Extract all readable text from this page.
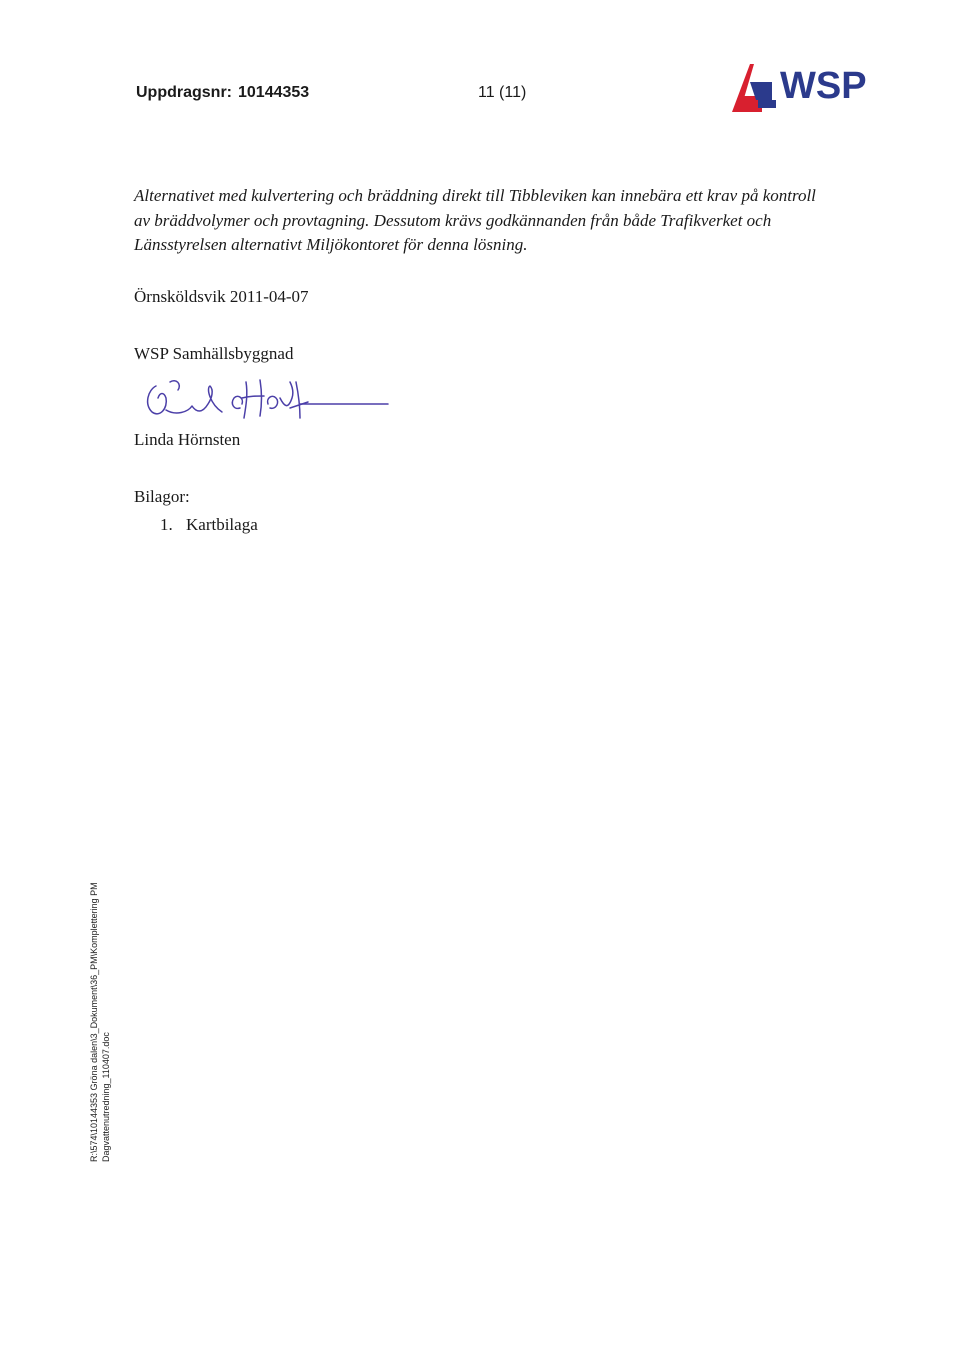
Uppdragsnr: 10144353	11 (11)	WSP

Alternativet med kulvertering och bräddning direkt till Tibbleviken kan innebära ett krav på kontroll av bräddvolymer och provtagning. Dessutom krävs godkännanden från både Trafikverket och Länsstyrelsen alternativt Miljökontoret för denna lösning.

Örnsköldsvik 2011-04-07

WSP Samhällsbyggnad

Linda Hörnsten

Bilagor:

1. Kartbilaga
R:\574\10144353 Gröna dalen\3_Dokument\36_PM\Komplettering PM Dagvattenutredning_110407.doc
